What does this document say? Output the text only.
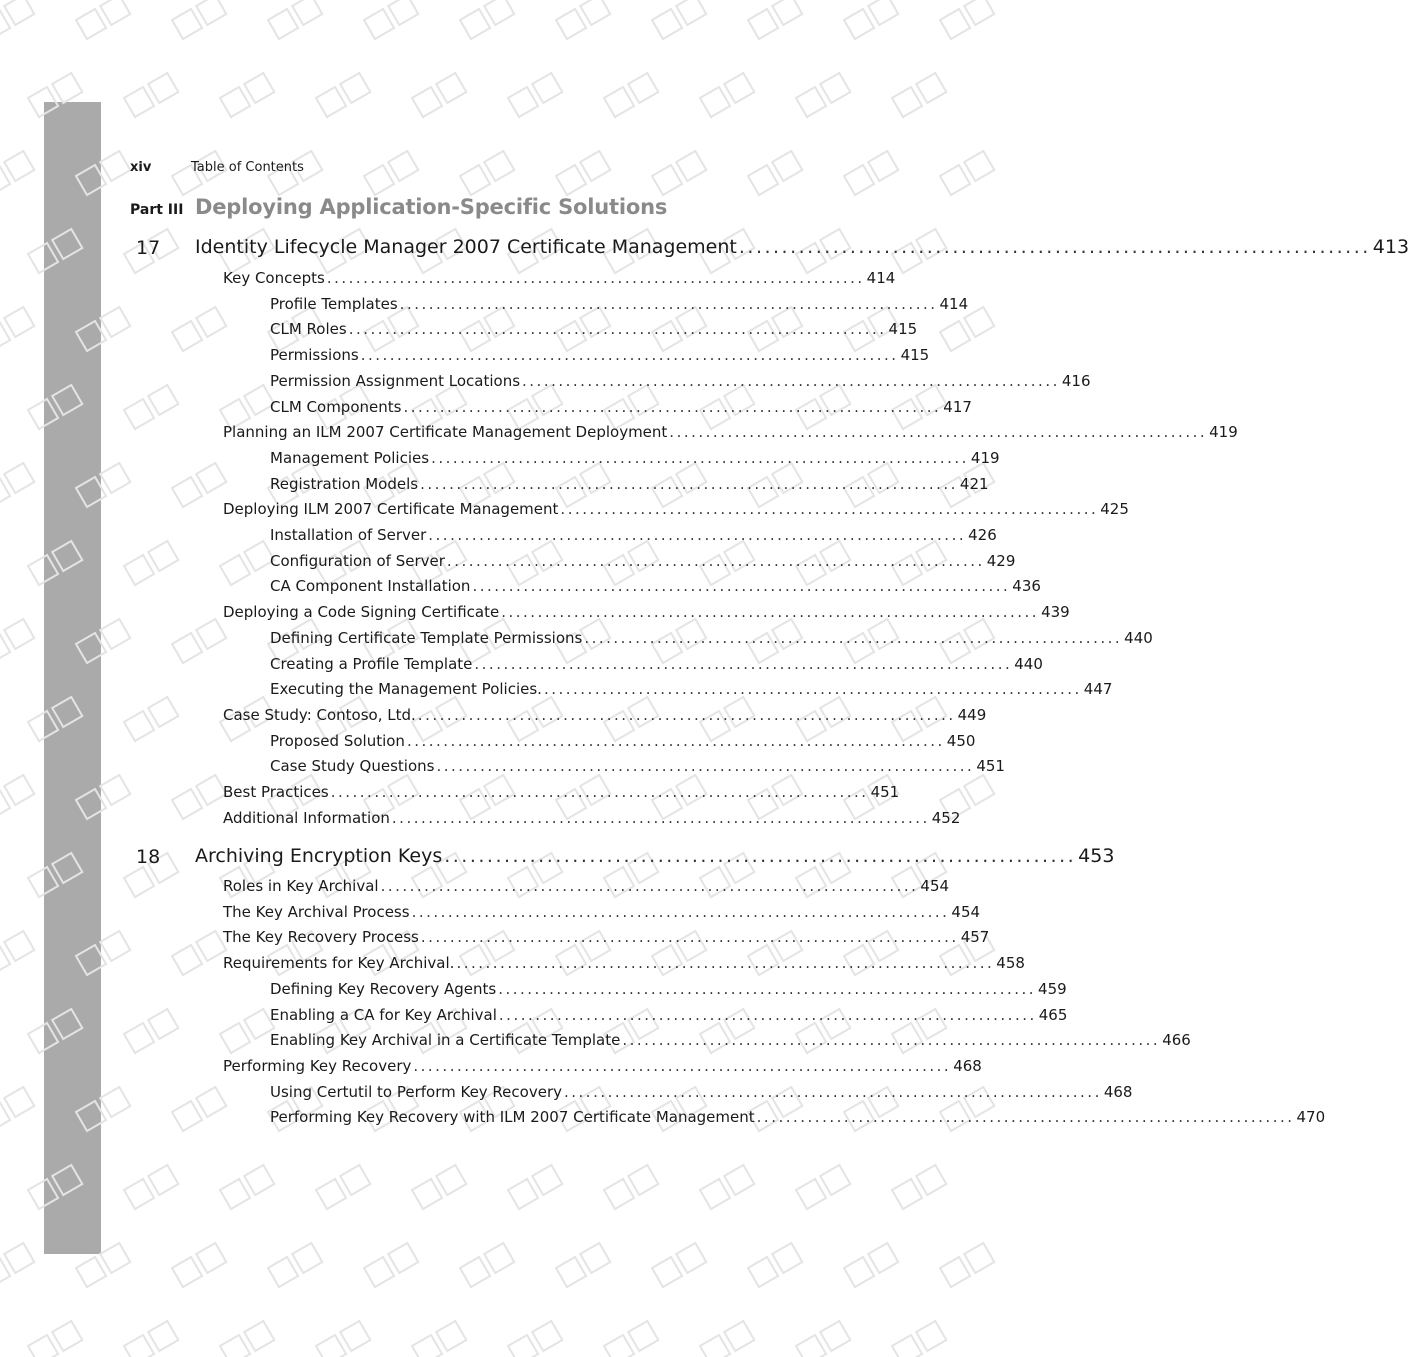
xiv	Table of Contents
Part III Deploying Application-Specific Solutions
17 Identity Lifecycle Manager 2007 Certificate Management .......................................................................... 413
Key Concepts .......................................................................... 414
Profile Templates .......................................................................... 414
CLM Roles .......................................................................... 415
Permissions .......................................................................... 415
Permission Assignment Locations .......................................................................... 416
CLM Components .......................................................................... 417
Planning an ILM 2007 Certificate Management Deployment .......................................................................... 419
Management Policies .......................................................................... 419
Registration Models .......................................................................... 421
Deploying ILM 2007 Certificate Management .......................................................................... 425
Installation of Server .......................................................................... 426
Configuration of Server .......................................................................... 429
CA Component Installation .......................................................................... 436
Deploying a Code Signing Certificate .......................................................................... 439
Defining Certificate Template Permissions .......................................................................... 440
Creating a Profile Template .......................................................................... 440
Executing the Management Policies. .......................................................................... 447
Case Study: Contoso, Ltd. .......................................................................... 449
Proposed Solution .......................................................................... 450
Case Study Questions .......................................................................... 451
Best Practices .......................................................................... 451
Additional Information .......................................................................... 452
18 Archiving Encryption Keys .......................................................................... 453
Roles in Key Archival .......................................................................... 454
The Key Archival Process .......................................................................... 454
The Key Recovery Process .......................................................................... 457
Requirements for Key Archival. .......................................................................... 458
Defining Key Recovery Agents .......................................................................... 459
Enabling a CA for Key Archival .......................................................................... 465
Enabling Key Archival in a Certificate Template .......................................................................... 466
Performing Key Recovery .......................................................................... 468
Using Certutil to Perform Key Recovery .......................................................................... 468
Performing Key Recovery with ILM 2007 Certificate Management .......................................................................... 470
